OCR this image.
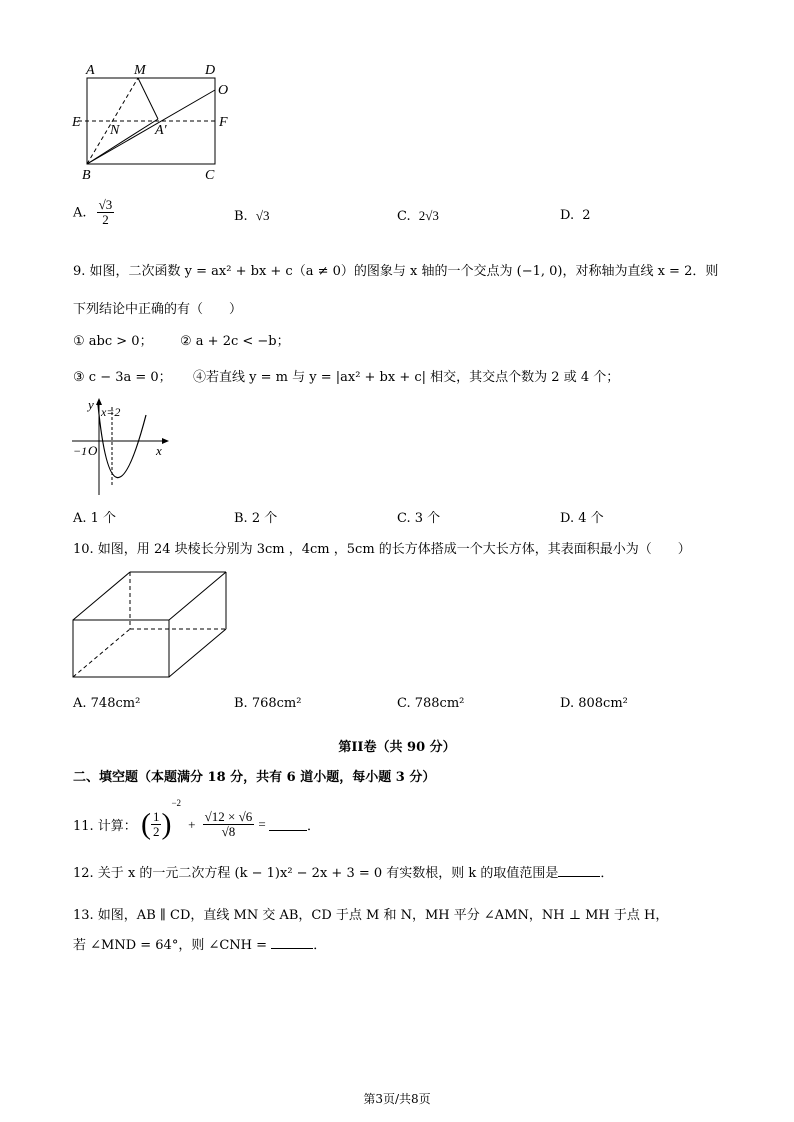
A	M	D
O
E
N	A′
F
B	C
A. $\frac{√3}{2}$	B. √3	C. 2√3	D. 2
9. 如图，二次函数 y = ax² + bx + c（a ≠ 0）的图象与 x 轴的一个交点为 (−1, 0)，对称轴为直线 x = 2．则
下列结论中正确的有（　　）
① abc > 0； ② a + 2c < −b；
③ c − 3a = 0； ④若直线 y = m 与 y = |ax² + bx + c| 相交，其交点个数为 2 或 4 个；
y x=2
−1 O	x
A. 1 个	B. 2 个	C. 3 个	D. 4 个
10. 如图，用 24 块棱长分别为 3cm ，4cm ，5cm 的长方体搭成一个大长方体，其表面积最小为（　　）
A. 748cm²	B. 768cm²	C. 788cm²	D. 808cm²
第II卷（共 90 分）
二、填空题（本题满分 18 分，共有 6 道小题，每小题 3 分）
11. 计算： ( $\frac{1}{2} )^{-2} + \frac{√12 \times √6}{√8}$ =	．
12. 关于 x 的一元二次方程 (k − 1)x² − 2x + 3 = 0 有实数根，则 k 的取值范围是	．
13. 如图，AB ∥ CD，直线 MN 交 AB，CD 于点 M 和 N，MH 平分 ∠AMN，NH ⊥ MH 于点 H，
若 ∠MND = 64°，则 ∠CNH =	．
第3页/共8页
